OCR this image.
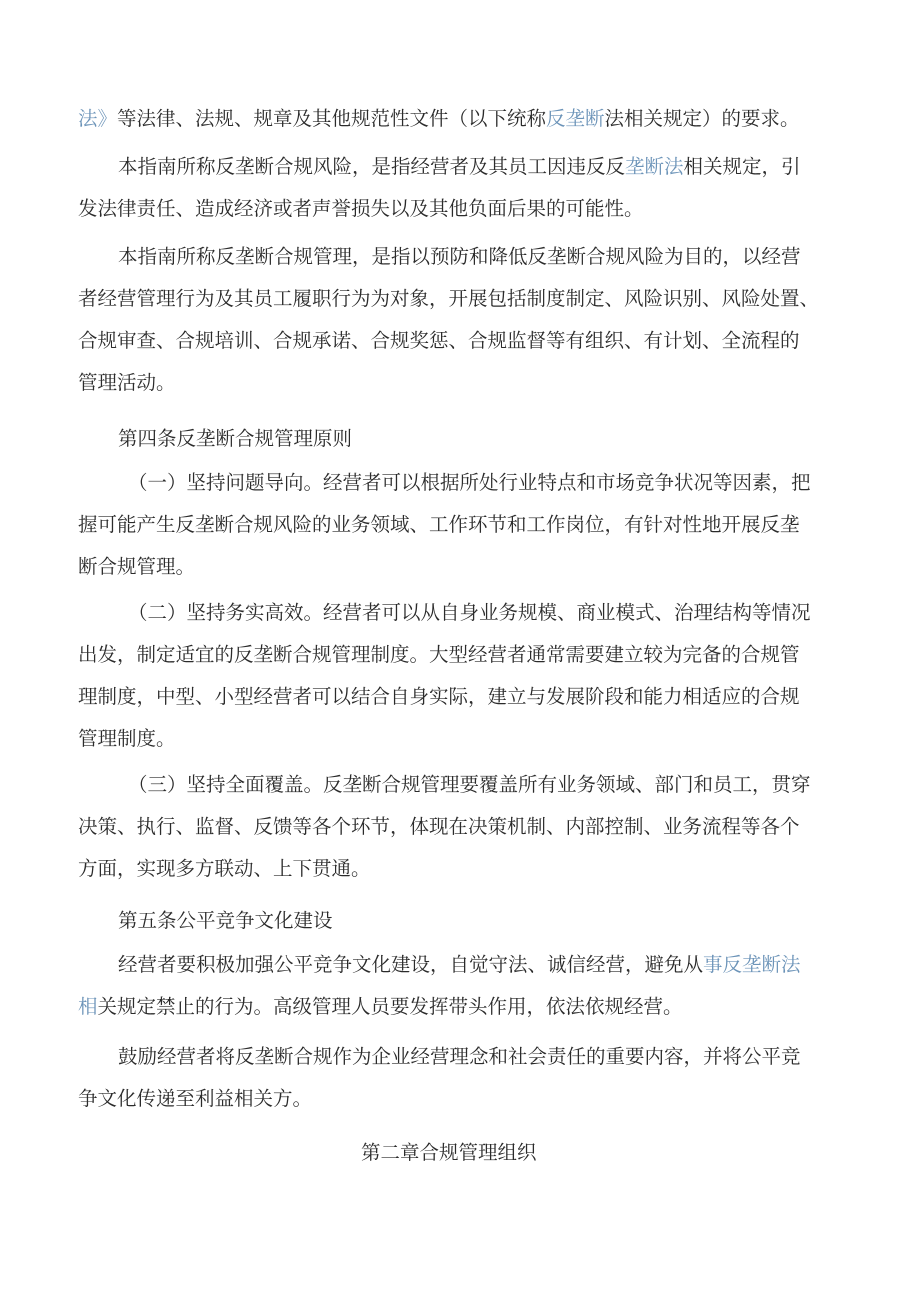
法》等法律、法规、规章及其他规范性文件（以下统称反垄断法相关规定）的要求。
本指南所称反垄断合规风险，是指经营者及其员工因违反反垄断法相关规定，引
发法律责任、造成经济或者声誉损失以及其他负面后果的可能性。
本指南所称反垄断合规管理，是指以预防和降低反垄断合规风险为目的，以经营
者经营管理行为及其员工履职行为为对象，开展包括制度制定、风险识别、风险处置、
合规审查、合规培训、合规承诺、合规奖惩、合规监督等有组织、有计划、全流程的
管理活动。
第四条反垄断合规管理原则
（一）坚持问题导向。经营者可以根据所处行业特点和市场竞争状况等因素，把
握可能产生反垄断合规风险的业务领域、工作环节和工作岗位，有针对性地开展反垄
断合规管理。
（二）坚持务实高效。经营者可以从自身业务规模、商业模式、治理结构等情况
出发，制定适宜的反垄断合规管理制度。大型经营者通常需要建立较为完备的合规管
理制度，中型、小型经营者可以结合自身实际，建立与发展阶段和能力相适应的合规
管理制度。
（三）坚持全面覆盖。反垄断合规管理要覆盖所有业务领域、部门和员工，贯穿
决策、执行、监督、反馈等各个环节，体现在决策机制、内部控制、业务流程等各个
方面，实现多方联动、上下贯通。
第五条公平竞争文化建设
经营者要积极加强公平竞争文化建设，自觉守法、诚信经营，避免从事反垄断法
相关规定禁止的行为。高级管理人员要发挥带头作用，依法依规经营。
鼓励经营者将反垄断合规作为企业经营理念和社会责任的重要内容，并将公平竞
争文化传递至利益相关方。
第二章合规管理组织
